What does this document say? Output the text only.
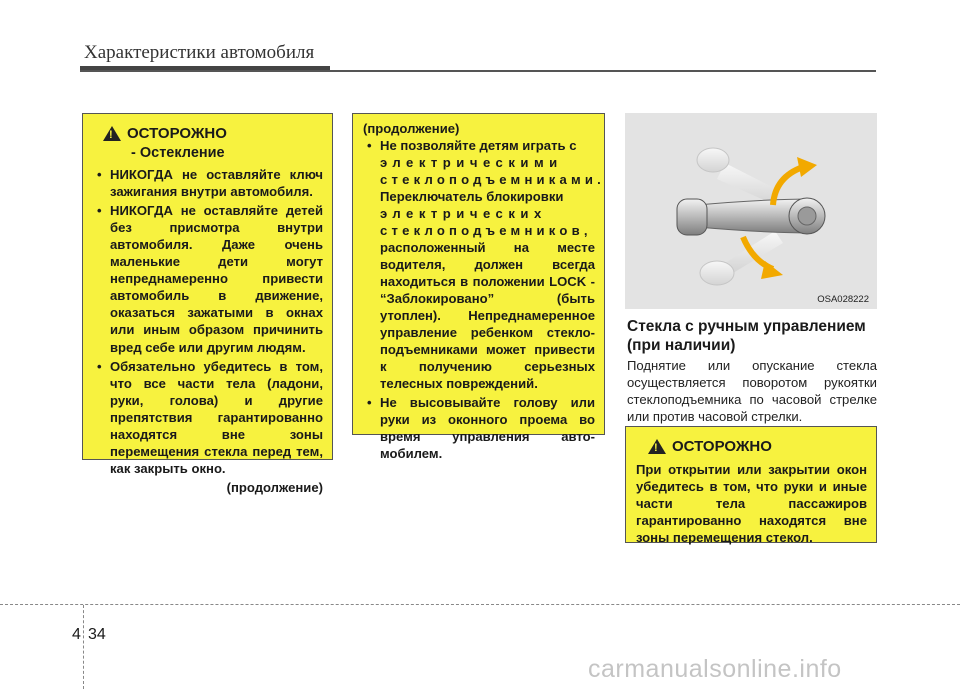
Характеристики автомобиля
!
ОСТОРОЖНО
- Остекление
• НИКОГДА не оставляйте ключ зажигания внутри автомобиля.
• НИКОГДА не оставляйте детей без присмотра внутри автомобиля. Даже очень маленькие дети могут непреднамеренно привести автомобиль в движение, оказаться зажатыми в окнах или иным образом причинить вред себе или другим людям.
• Обязательно убедитесь в том, что все части тела (ладони, руки, голова) и другие препятствия гарантированно находятся вне зоны перемещения стекла перед тем, как закрыть окно.
(продолжение)
(продолжение)
• Не позволяйте детям играть с
электрическими
стеклоподъемниками.
Переключатель блокировки
электрических
стеклоподъемников, расположенный на месте водителя, должен всегда находиться в положении LOCK - “Заблокировано” (быть утоплен). Непреднамеренное управление ребенком стекло-подъемниками может привести к получению серьезных телесных повреждений.
• Не высовывайте голову или руки из оконного проема во время управления авто-мобилем.
OSA028222
Стекла с ручным управлением (при наличии)
Поднятие или опускание стекла осуществляется поворотом рукоятки стеклоподъемника по часовой стрелке или против часовой стрелки.
!
ОСТОРОЖНО
При открытии или закрытии окон убедитесь в том, что руки и иные части тела пассажиров гарантированно находятся вне зоны перемещения стекол.
4 34
carmanualsonline.info
